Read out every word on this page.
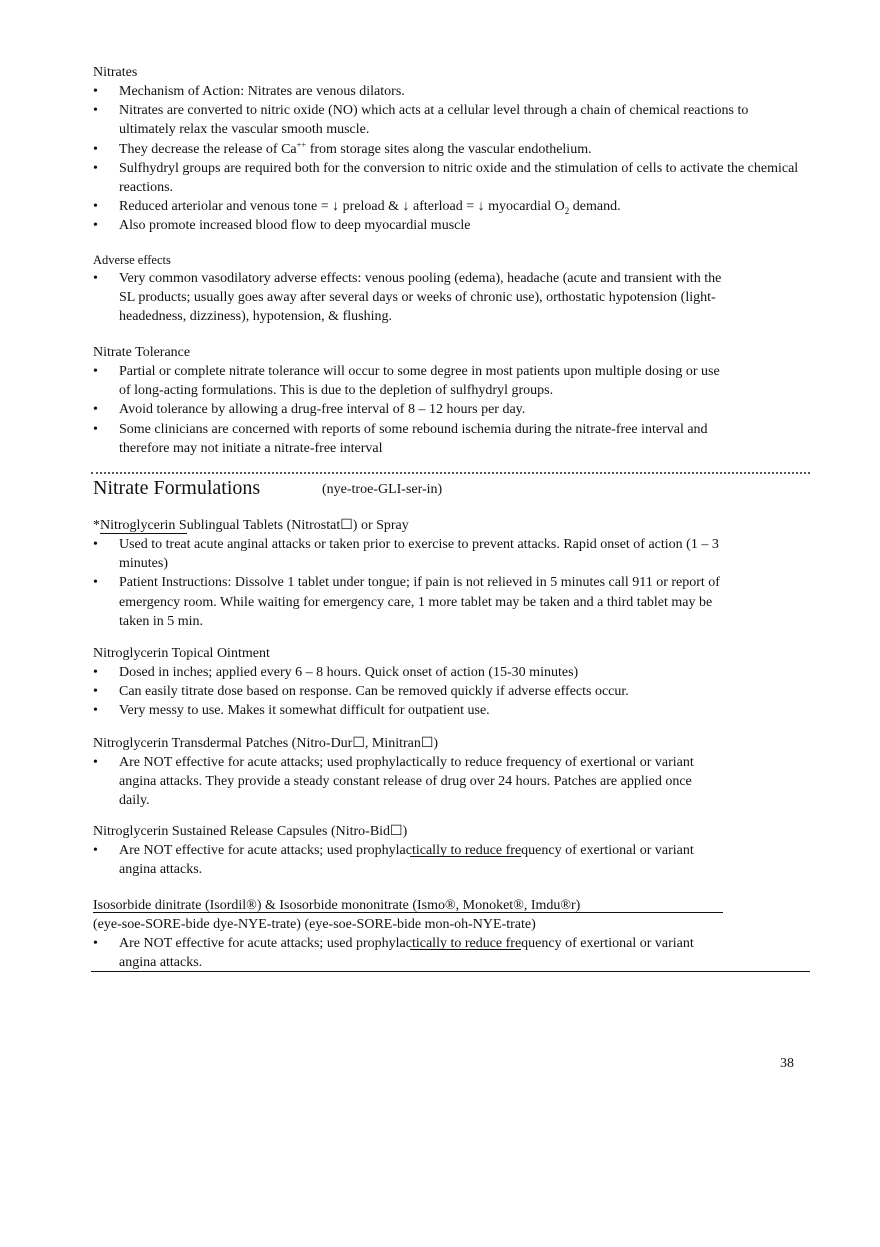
Nitrates
• Mechanism of Action: Nitrates are venous dilators.
• Nitrates are converted to nitric oxide (NO) which acts at a cellular level through a chain of chemical reactions to ultimately relax the vascular smooth muscle.
• They decrease the release of Ca++ from storage sites along the vascular endothelium.
• Sulfhydryl groups are required both for the conversion to nitric oxide and the stimulation of cells to activate the chemical reactions.
• Reduced arteriolar and venous tone = ↓ preload & ↓ afterload = ↓ myocardial $O_2$ demand.
• Also promote increased blood flow to deep myocardial muscle
Adverse effects
• Very common vasodilatory adverse effects: venous pooling (edema), headache (acute and transient with the SL products; usually goes away after several days or weeks of chronic use), orthostatic hypotension (light-headedness, dizziness), hypotension, & flushing.
Nitrate Tolerance
• Partial or complete nitrate tolerance will occur to some degree in most patients upon multiple dosing or use of long-acting formulations. This is due to the depletion of sulfhydryl groups.
• Avoid tolerance by allowing a drug-free interval of 8 – 12 hours per day.
• Some clinicians are concerned with reports of some rebound ischemia during the nitrate-free interval and therefore may not initiate a nitrate-free interval
Nitrate Formulations	(nye-troe-GLI-ser-in)
*Nitroglycerin Sublingual Tablets (Nitrostat☐) or Spray
• Used to treat acute anginal attacks or taken prior to exercise to prevent attacks. Rapid onset of action (1 – 3 minutes)
• Patient Instructions: Dissolve 1 tablet under tongue; if pain is not relieved in 5 minutes call 911 or report of emergency room. While waiting for emergency care, 1 more tablet may be taken and a third tablet may be taken in 5 min.
Nitroglycerin Topical Ointment
• Dosed in inches; applied every 6 – 8 hours. Quick onset of action (15-30 minutes)
• Can easily titrate dose based on response. Can be removed quickly if adverse effects occur.
• Very messy to use. Makes it somewhat difficult for outpatient use.
Nitroglycerin Transdermal Patches (Nitro-Dur☐, Minitran☐)
• Are NOT effective for acute attacks; used prophylactically to reduce frequency of exertional or variant angina attacks. They provide a steady constant release of drug over 24 hours. Patches are applied once daily.
Nitroglycerin Sustained Release Capsules (Nitro-Bid☐)
• Are NOT effective for acute attacks; used prophylactically to reduce frequency of exertional or variant angina attacks.
Isosorbide dinitrate (Isordil®) & Isosorbide mononitrate (Ismo®, Monoket®, Imdu®r)
(eye-soe-SORE-bide dye-NYE-trate) (eye-soe-SORE-bide mon-oh-NYE-trate)
• Are NOT effective for acute attacks; used prophylactically to reduce frequency of exertional or variant angina attacks.
38
